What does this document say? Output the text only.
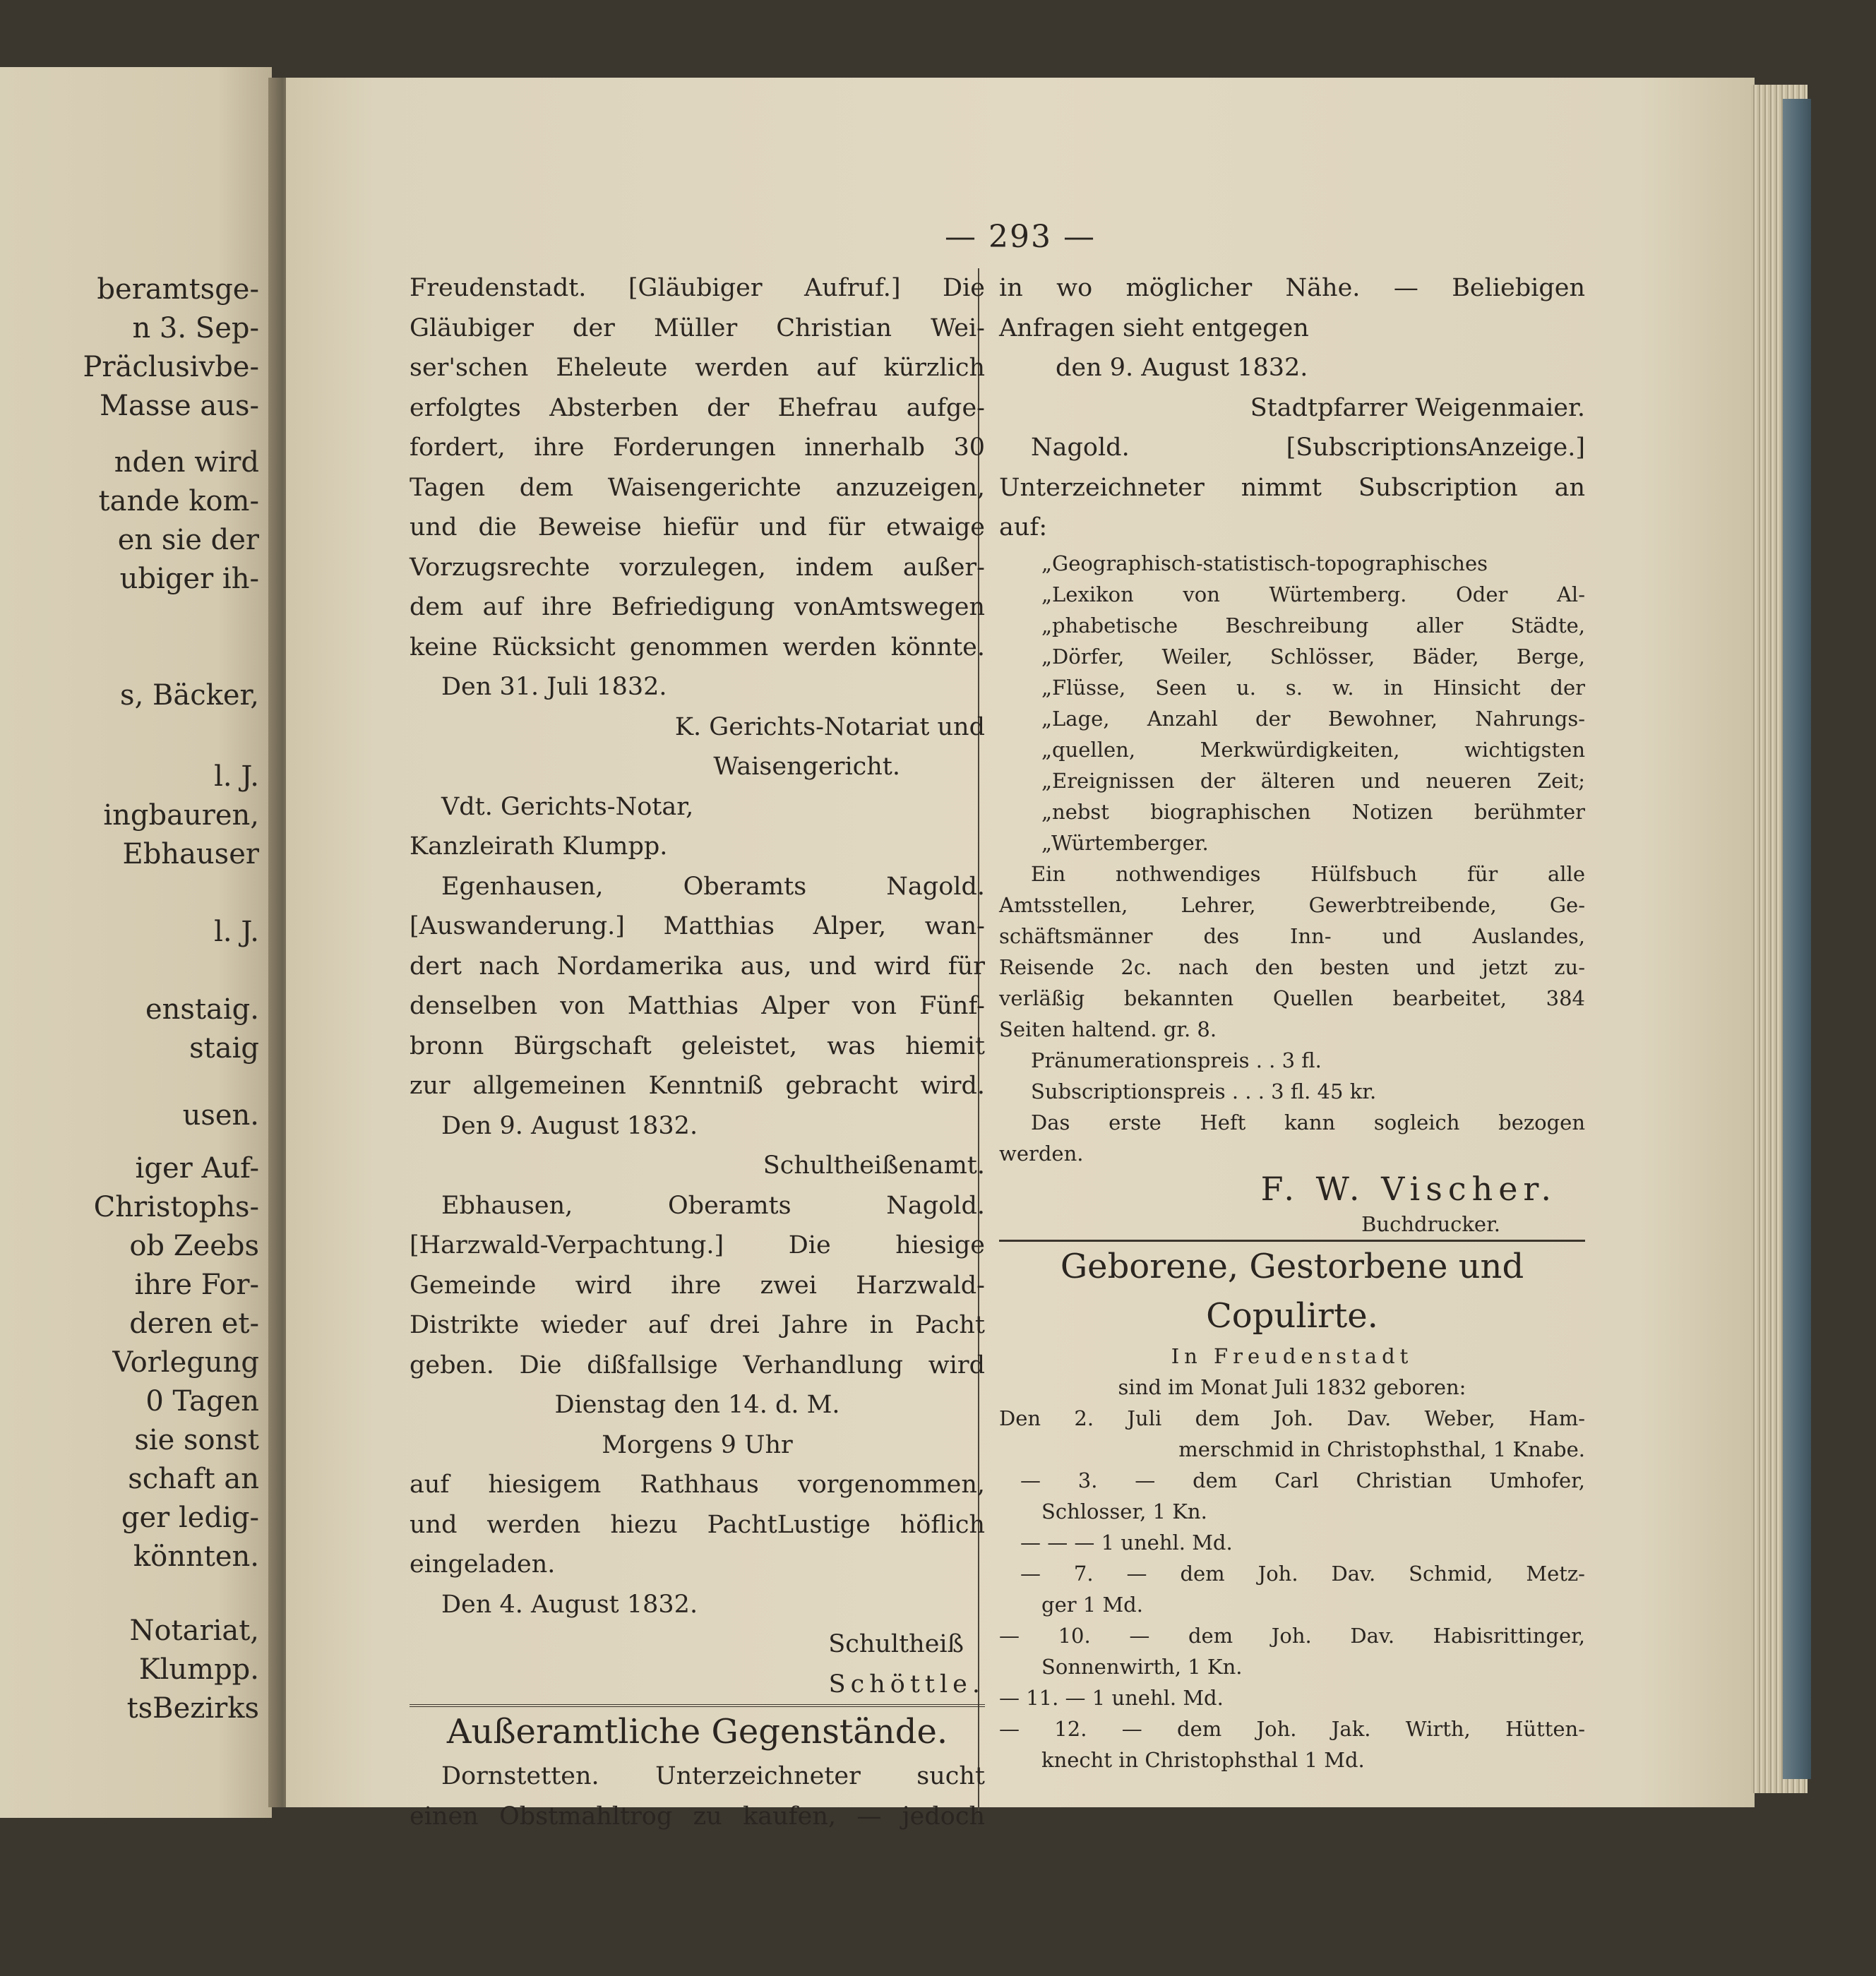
beramtsge-
n 3. Sep-
Präclusivbe-
Masse aus-
nden wird
tande kom-
en sie der
ubiger ih-
s, Bäcker,
l. J.
ingbauren,
Ebhauser
l. J.
enstaig.
staig
usen.
iger Auf-
Christophs-
ob Zeebs
ihre For-
deren et-
Vorlegung
0 Tagen
sie sonst
schaft an
ger ledig-
könnten.
Notariat,
Klumpp.
tsBezirks
— 293 —
Freudenstadt. [Gläubiger Aufruf.] Die
Gläubiger der Müller Christian Wei-
ser'schen Eheleute werden auf kürzlich
erfolgtes Absterben der Ehefrau aufge-
fordert, ihre Forderungen innerhalb 30
Tagen dem Waisengerichte anzuzeigen,
und die Beweise hiefür und für etwaige
Vorzugsrechte vorzulegen, indem außer-
dem auf ihre Befriedigung vonAmtswegen
keine Rücksicht genommen werden könnte.
Den 31. Juli 1832.
K. Gerichts-Notariat und
Waisengericht.
Vdt. Gerichts-Notar,
Kanzleirath Klumpp.
Egenhausen, Oberamts Nagold.
[Auswanderung.] Matthias Alper, wan-
dert nach Nordamerika aus, und wird für
denselben von Matthias Alper von Fünf-
bronn Bürgschaft geleistet, was hiemit
zur allgemeinen Kenntniß gebracht wird.
Den 9. August 1832.
Schultheißenamt.
Ebhausen, Oberamts Nagold.
[Harzwald-Verpachtung.] Die hiesige
Gemeinde wird ihre zwei Harzwald-
Distrikte wieder auf drei Jahre in Pacht
geben. Die dißfallsige Verhandlung wird
Dienstag den 14. d. M.
Morgens 9 Uhr
auf hiesigem Rathhaus vorgenommen,
und werden hiezu PachtLustige höflich
eingeladen.
Den 4. August 1832.
Schultheiß
Schöttle.
Außeramtliche Gegenstände.
Dornstetten. Unterzeichneter sucht
einen Obstmahltrog zu kaufen, — jedoch
in wo möglicher Nähe. — Beliebigen
Anfragen sieht entgegen
den 9. August 1832.
Stadtpfarrer Weigenmaier.
Nagold. [SubscriptionsAnzeige.]
Unterzeichneter nimmt Subscription an
auf:
„Geographisch-statistisch-topographisches
„Lexikon von Würtemberg. Oder Al-
„phabetische Beschreibung aller Städte,
„Dörfer, Weiler, Schlösser, Bäder, Berge,
„Flüsse, Seen u. s. w. in Hinsicht der
„Lage, Anzahl der Bewohner, Nahrungs-
„quellen, Merkwürdigkeiten, wichtigsten
„Ereignissen der älteren und neueren Zeit;
„nebst biographischen Notizen berühmter
„Würtemberger.
Ein nothwendiges Hülfsbuch für alle
Amtsstellen, Lehrer, Gewerbtreibende, Ge-
schäftsmänner des Inn- und Auslandes,
Reisende 2c. nach den besten und jetzt zu-
verläßig bekannten Quellen bearbeitet, 384
Seiten haltend. gr. 8.
Pränumerationspreis . . 3 fl.
Subscriptionspreis . . . 3 fl. 45 kr.
Das erste Heft kann sogleich bezogen
werden.
F. W. Vischer.
Buchdrucker.
Geborene, Gestorbene und Copulirte.
In Freudenstadt
sind im Monat Juli 1832 geboren:
Den 2. Juli dem Joh. Dav. Weber, Ham-
merschmid in Christophsthal, 1 Knabe.
— 3. — dem Carl Christian Umhofer,
Schlosser, 1 Kn.
— — — 1 unehl. Md.
— 7. — dem Joh. Dav. Schmid, Metz-
ger 1 Md.
— 10. — dem Joh. Dav. Habisrittinger,
Sonnenwirth, 1 Kn.
— 11. — 1 unehl. Md.
— 12. — dem Joh. Jak. Wirth, Hütten-
knecht in Christophsthal 1 Md.
